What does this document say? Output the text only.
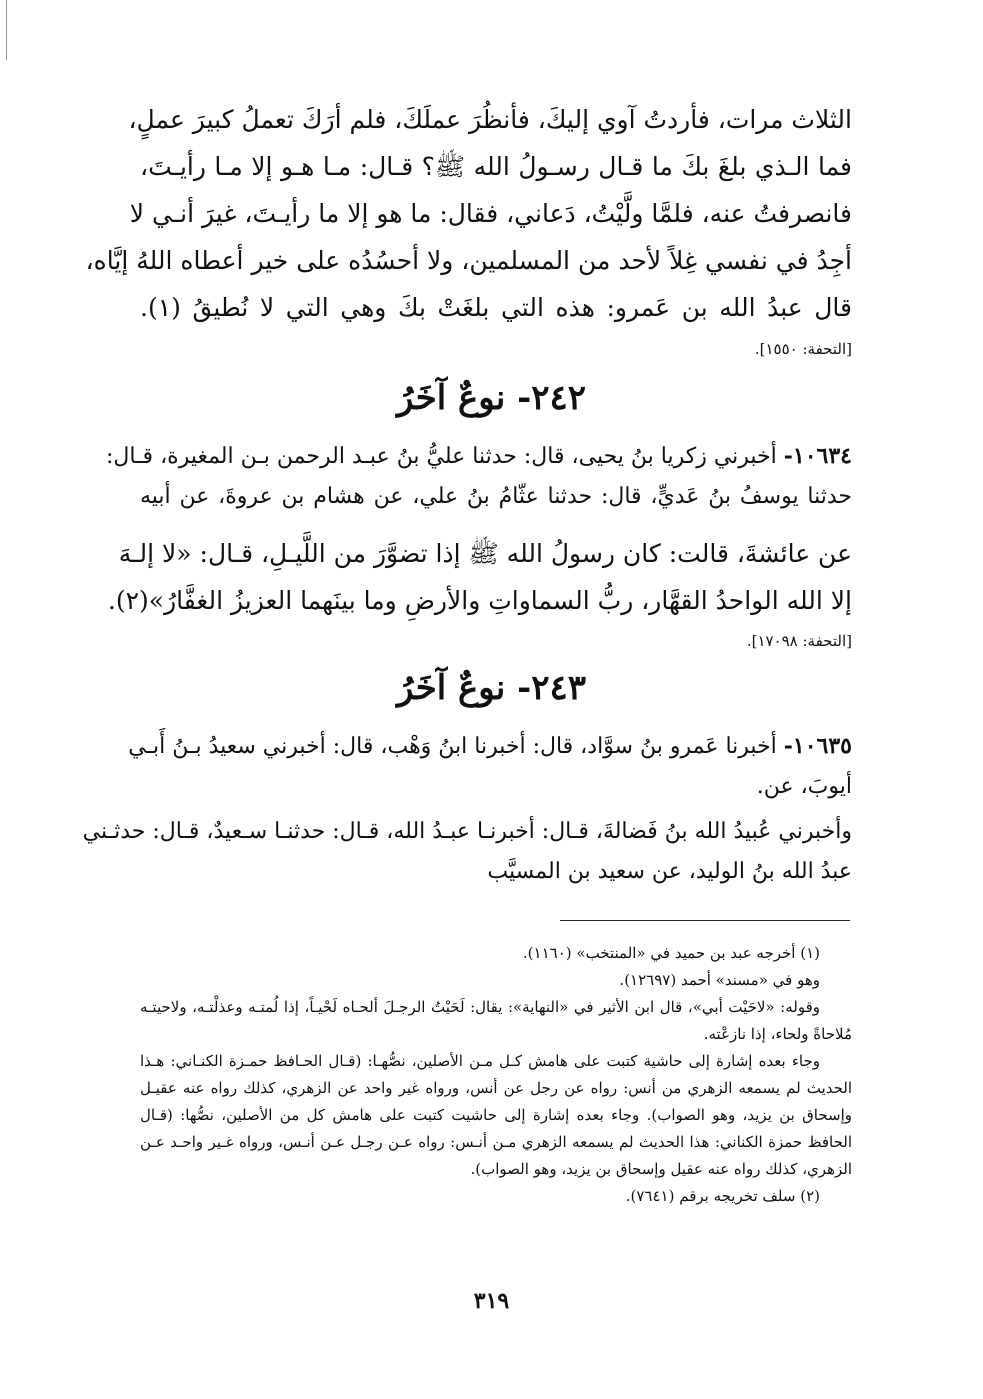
الثلاث مرات، فأردتُ آوي إليكَ، فأنظُرَ عملَكَ، فلم أرَكَ تعملُ كبيرَ عملٍ،
فما الـذي بلغَ بكَ ما قـال رسـولُ الله ﷺ؟ قـال: مـا هـو إلا مـا رأيـتَ،
فانصرفتُ عنه، فلمَّا ولَّيْتُ، دَعاني، فقال: ما هو إلا ما رأيـتَ، غيرَ أنـي لا
أجِدُ في نفسي غِلاً لأحد من المسلمين، ولا أحسُدُه على خير أعطاه اللهُ إيَّاه،
قال عبدُ الله بن عَمرو: هذه التي بلغَتْ بكَ وهي التي لا نُطيقُ (١).
[التحفة: ١٥٥٠].
٢٤٢- نوعٌ آخَرُ
١٠٦٣٤- أخبرني زكريا بنُ يحيى، قال: حدثنا عليُّ بنُ عبـد الرحمن بـن المغيرة، قـال:
حدثنا يوسفُ بنُ عَديٍّ، قال: حدثنا عثّامُ بنُ علي، عن هشام بن عروةَ، عن أبيه
عن عائشةَ، قالت: كان رسولُ الله ﷺ إذا تضوَّرَ من اللَّيـلِ، قـال: «لا إلـهَ
إلا الله الواحدُ القهَّار، ربُّ السماواتِ والأرضِ وما بينَهما العزيزُ الغفَّارُ»(٢).
[التحفة: ١٧٠٩٨].
٢٤٣- نوعٌ آخَرُ
١٠٦٣٥- أخبرنا عَمرو بنُ سوَّاد، قال: أخبرنا ابنُ وَهْب، قال: أخبرني سعيدُ بـنُ أَبـي
أيوبَ، عن.
وأخبرني عُبيدُ الله بنُ فَضالةَ، قـال: أخبرنـا عبـدُ الله، قـال: حدثنـا سـعيدٌ، قـال: حدثـني
عبدُ الله بنُ الوليد، عن سعيد بن المسيَّب
(١) أخرجه عبد بن حميد في «المنتخب» (١١٦٠).
وهو في «مسند» أحمد (١٢٦٩٧).
وقوله: «لاحَيْت أبي»، قال ابن الأثير في «النهاية»: يقال: لَحَيْتُ الرجـلَ ألحـاه لَحْيـاً، إذا لُمتـه وعذلْتـه، ولاحيتـه
مُلاحاةً ولحاء، إذا نازعْته.
وجاء بعده إشارة إلى حاشية كتبت على هامش كـل مـن الأصلين، نصُّهـا: (قـال الحـافظ حمـزة الكنـاني: هـذا
الحديث لم يسمعه الزهري من أنس: رواه عن رجل عن أنس، ورواه غير واحد عن الزهري، كذلك رواه عنه عقيـل
وإسحاق بن يزيد، وهو الصواب). وجاء بعده إشارة إلى حاشيت كتبت على هامش كل من الأصلين، نصُّها: (قـال
الحافظ حمزة الكناني: هذا الحديث لم يسمعه الزهري مـن أنـس: رواه عـن رجـل عـن أنـس، ورواه غـير واحـد عـن
الزهري، كذلك رواه عنه عقيل وإسحاق بن يزيد، وهو الصواب).
(٢) سلف تخريجه برقم (٧٦٤١).
٣١٩
